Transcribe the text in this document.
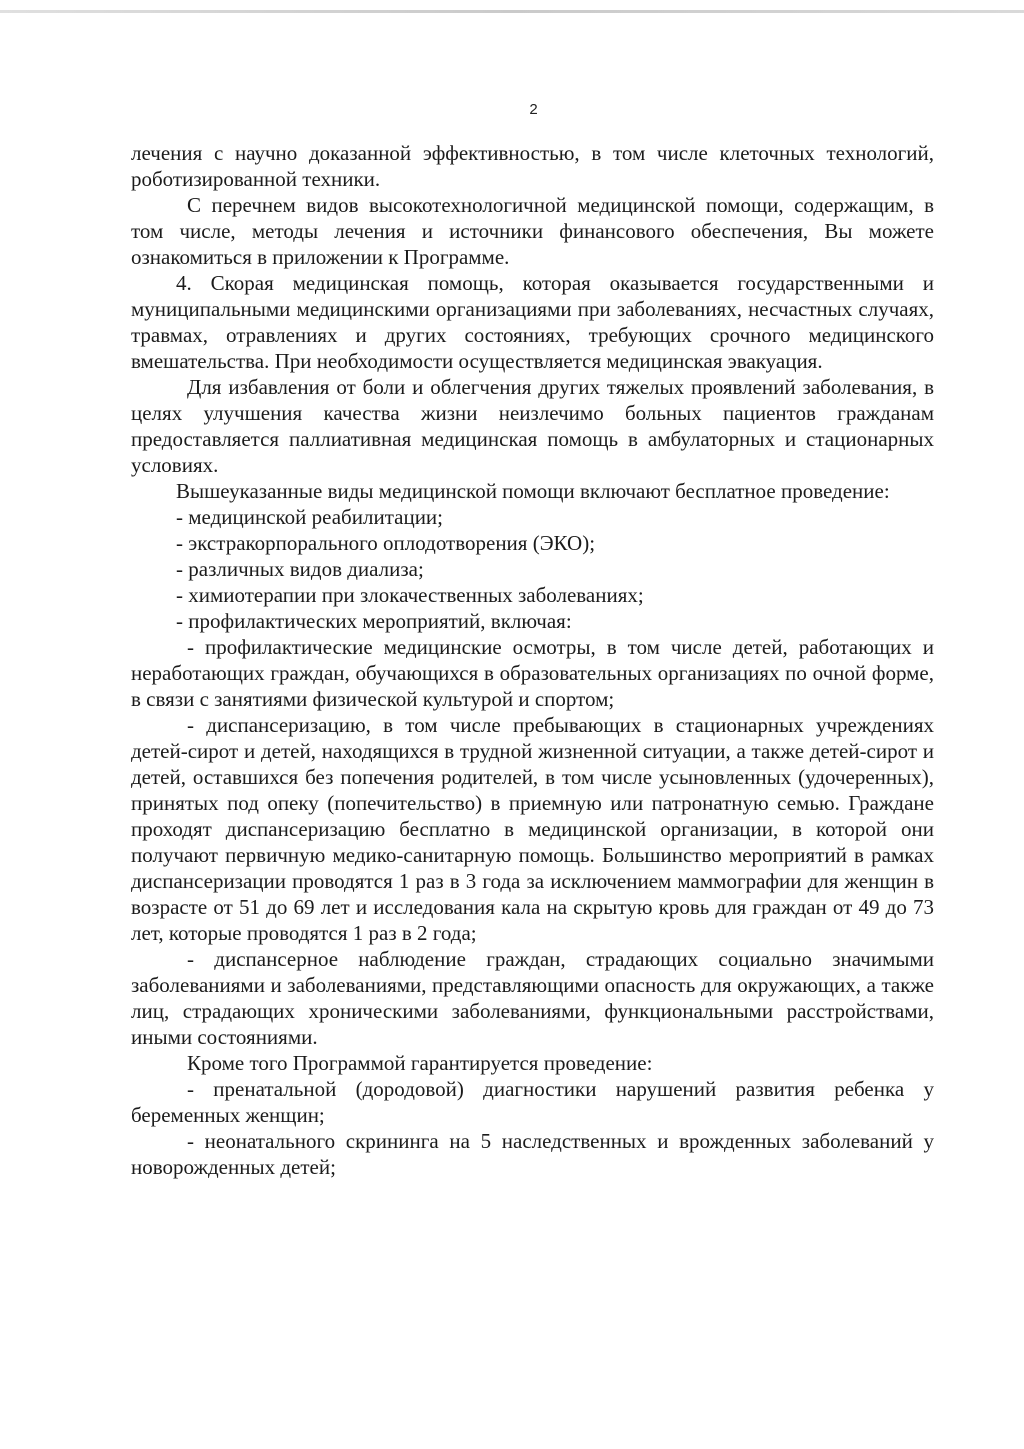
2

лечения с научно доказанной эффективностью, в том числе клеточных технологий, роботизированной техники.

С перечнем видов высокотехнологичной медицинской помощи, содержащим, в том числе, методы лечения и источники финансового обеспечения, Вы можете ознакомиться в приложении к Программе.

4. Скорая медицинская помощь, которая оказывается государственными и муниципальными медицинскими организациями при заболеваниях, несчастных случаях, травмах, отравлениях и других состояниях, требующих срочного медицинского вмешательства. При необходимости осуществляется медицинская эвакуация.

Для избавления от боли и облегчения других тяжелых проявлений заболевания, в целях улучшения качества жизни неизлечимо больных пациентов гражданам предоставляется паллиативная медицинская помощь в амбулаторных и стационарных условиях.

Вышеуказанные виды медицинской помощи включают бесплатное проведение:

- медицинской реабилитации;

- экстракорпорального оплодотворения (ЭКО);

- различных видов диализа;

- химиотерапии при злокачественных заболеваниях;

- профилактических мероприятий, включая:

- профилактические медицинские осмотры, в том числе детей, работающих и неработающих граждан, обучающихся в образовательных организациях по очной форме, в связи с занятиями физической культурой и спортом;

- диспансеризацию, в том числе пребывающих в стационарных учреждениях детей-сирот и детей, находящихся в трудной жизненной ситуации, а также детей-сирот и детей, оставшихся без попечения родителей, в том числе усыновленных (удочеренных), принятых под опеку (попечительство) в приемную или патронатную семью. Граждане проходят диспансеризацию бесплатно в медицинской организации, в которой они получают первичную медико-санитарную помощь. Большинство мероприятий в рамках диспансеризации проводятся 1 раз в 3 года за исключением маммографии для женщин в возрасте от 51 до 69 лет и исследования кала на скрытую кровь для граждан от 49 до 73 лет, которые проводятся 1 раз в 2 года;

- диспансерное наблюдение граждан, страдающих социально значимыми заболеваниями и заболеваниями, представляющими опасность для окружающих, а также лиц, страдающих хроническими заболеваниями, функциональными расстройствами, иными состояниями.

Кроме того Программой гарантируется проведение:

- пренатальной (дородовой) диагностики нарушений развития ребенка у беременных женщин;

- неонатального скрининга на 5 наследственных и врожденных заболеваний у новорожденных детей;
